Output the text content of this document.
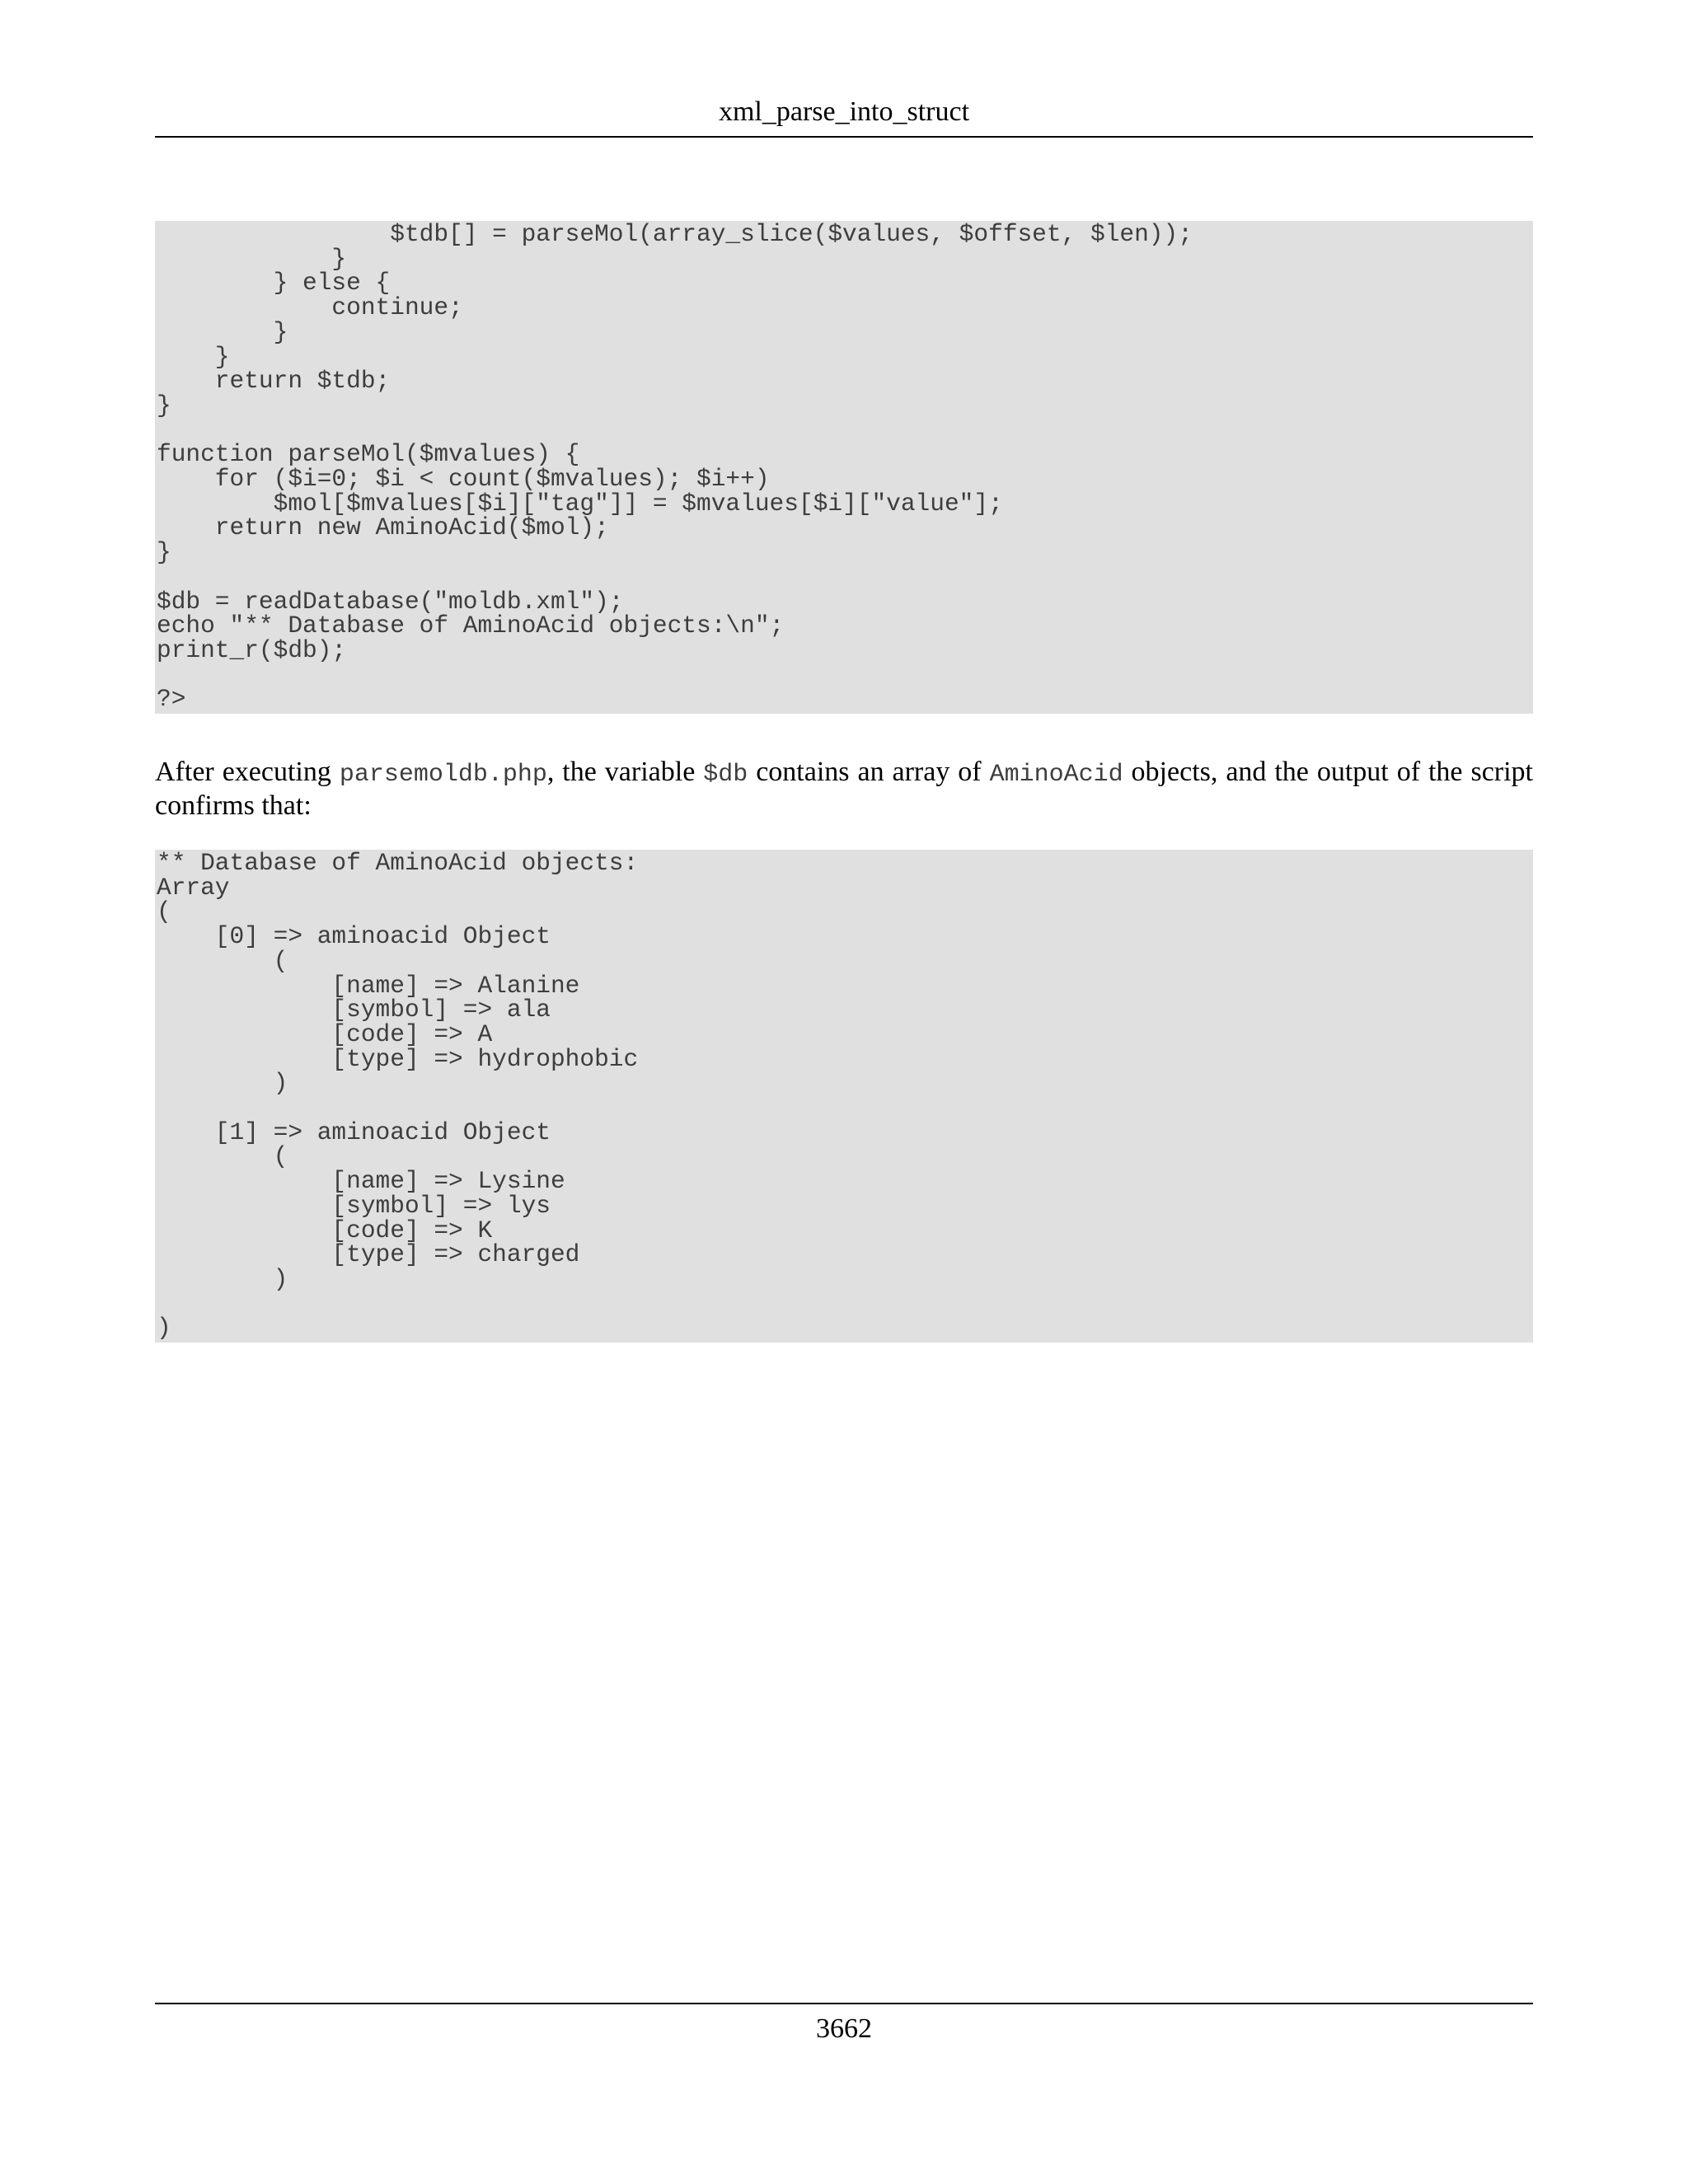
xml_parse_into_struct
$tdb[] = parseMol(array_slice($values, $offset, $len));
}
} else {
continue;
}
}
return $tdb;
}

function parseMol($mvalues) {
for ($i=0; $i < count($mvalues); $i++)
$mol[$mvalues[$i]["tag"]] = $mvalues[$i]["value"];
return new AminoAcid($mol);
}

$db = readDatabase("moldb.xml");
echo "** Database of AminoAcid objects:\n";
print_r($db);

?>

After executing parsemoldb.php, the variable $db contains an array of AminoAcid objects, and the output of the script confirms that:

** Database of AminoAcid objects:
Array
(
[0] => aminoacid Object
(
[name] => Alanine
[symbol] => ala
[code] => A
[type] => hydrophobic
)

[1] => aminoacid Object
(
[name] => Lysine
[symbol] => lys
[code] => K
[type] => charged
)

)
3662
